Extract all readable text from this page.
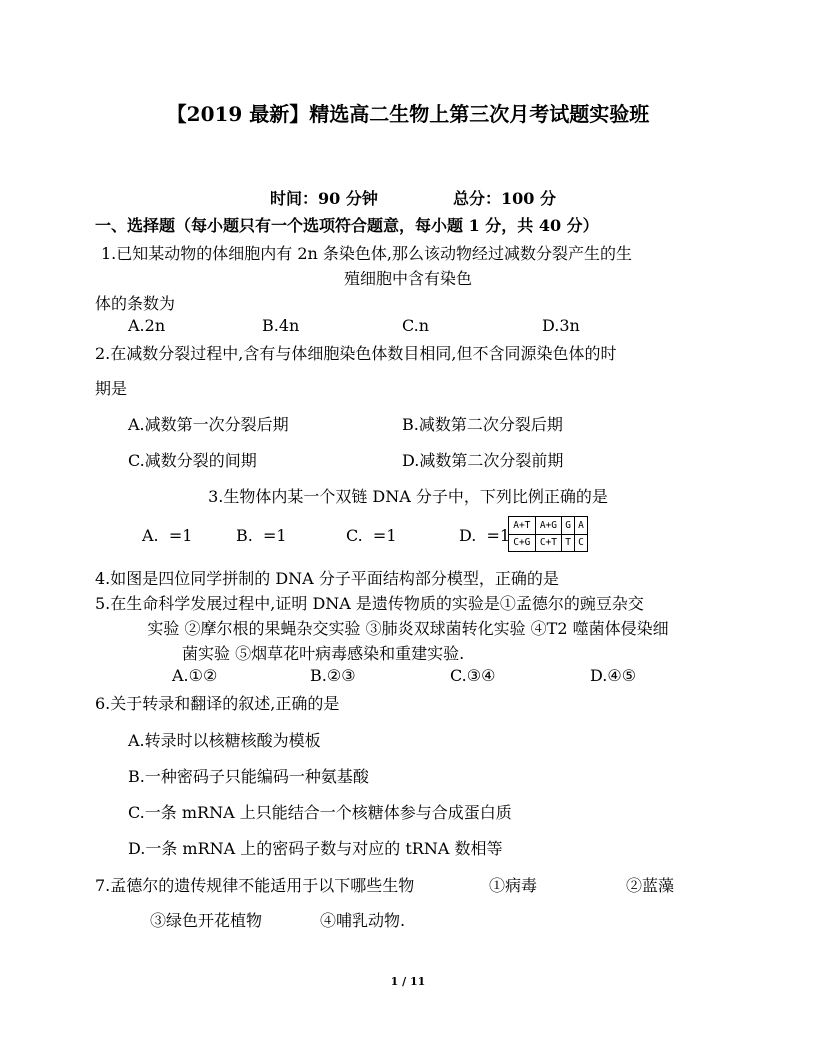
【2019 最新】精选高二生物上第三次月考试题实验班
时间：90 分钟	总分：100 分
一、选择题（每小题只有一个选项符合题意，每小题 1 分，共 40 分）
1.已知某动物的体细胞内有 2n 条染色体,那么该动物经过减数分裂产生的生
殖细胞中含有染色
体的条数为
A.2n	B.4n	C.n	D.3n
2.在减数分裂过程中,含有与体细胞染色体数目相同,但不含同源染色体的时
期是
A.减数第一次分裂后期	B.减数第二次分裂后期
C.减数分裂的间期	D.减数第二次分裂前期
3.生物体内某一个双链 DNA 分子中，下列比例正确的是
A.  =1	B.  =1	C.  =1	D.  =1
A+T	A+G	G	A
C+G	C+T	T	C
4.如图是四位同学拼制的 DNA 分子平面结构部分模型，正确的是
5.在生命科学发展过程中,证明 DNA 是遗传物质的实验是①孟德尔的豌豆杂交
实验 ②摩尔根的果蝇杂交实验 ③肺炎双球菌转化实验 ④T2 噬菌体侵染细
菌实验 ⑤烟草花叶病毒感染和重建实验.
A.①②	B.②③	C.③④	D.④⑤
6.关于转录和翻译的叙述,正确的是
A.转录时以核糖核酸为模板
B.一种密码子只能编码一种氨基酸
C.一条 mRNA 上只能结合一个核糖体参与合成蛋白质
D.一条 mRNA 上的密码子数与对应的 tRNA 数相等
7.孟德尔的遗传规律不能适用于以下哪些生物	①病毒	②蓝藻
③绿色开花植物	④哺乳动物.
1 / 11
